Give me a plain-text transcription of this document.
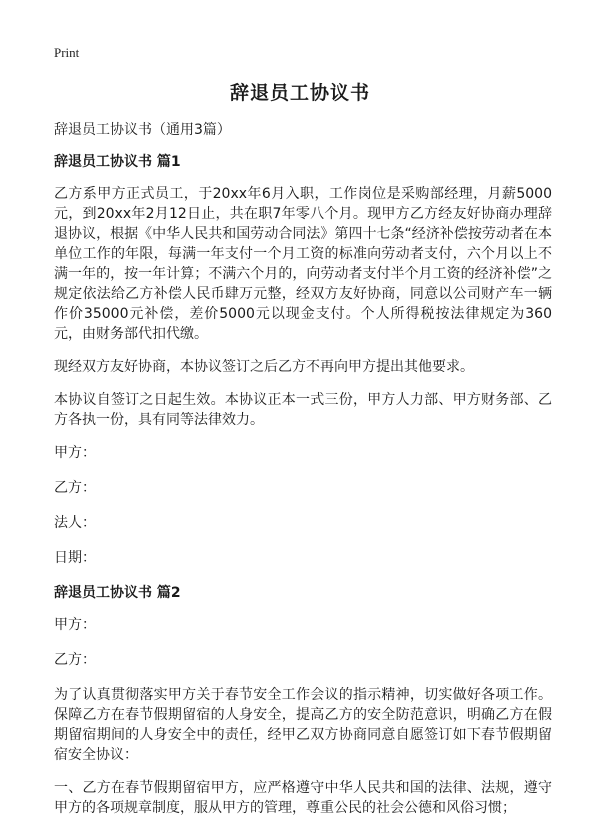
Print
辞退员工协议书

辞退员工协议书（通用3篇）

辞退员工协议书 篇1

乙方系甲方正式员工，于20xx年6月入职，工作岗位是采购部经理，月薪5000元，到20xx年2月12日止，共在职7年零八个月。现甲方乙方经友好协商办理辞退协议，根据《中华人民共和国劳动合同法》第四十七条“经济补偿按劳动者在本单位工作的年限，每满一年支付一个月工资的标准向劳动者支付，六个月以上不满一年的，按一年计算；不满六个月的，向劳动者支付半个月工资的经济补偿”之规定依法给乙方补偿人民币肆万元整，经双方友好协商，同意以公司财产车一辆作价35000元补偿，差价5000元以现金支付。个人所得税按法律规定为360元，由财务部代扣代缴。

现经双方友好协商，本协议签订之后乙方不再向甲方提出其他要求。

本协议自签订之日起生效。本协议正本一式三份，甲方人力部、甲方财务部、乙方各执一份，具有同等法律效力。

甲方：

乙方：

法人：

日期：

辞退员工协议书 篇2

甲方：

乙方：

为了认真贯彻落实甲方关于春节安全工作会议的指示精神，切实做好各项工作。保障乙方在春节假期留宿的人身安全，提高乙方的安全防范意识，明确乙方在假期留宿期间的人身安全中的责任，经甲乙双方协商同意自愿签订如下春节假期留宿安全协议：

一、乙方在春节假期留宿甲方，应严格遵守中华人民共和国的法律、法规，遵守甲方的各项规章制度，服从甲方的管理，尊重公民的社会公德和风俗习惯；
